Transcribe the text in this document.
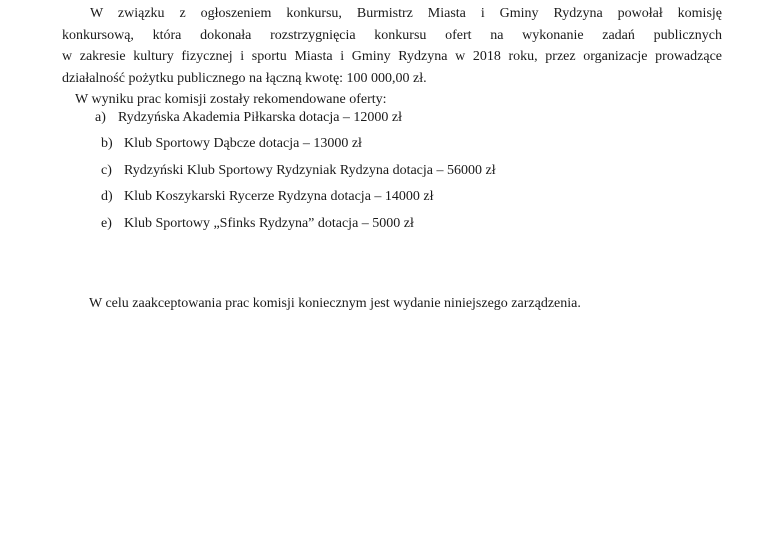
W związku z ogłoszeniem konkursu, Burmistrz Miasta i Gminy Rydzyna powołał komisję
konkursową, która dokonała rozstrzygnięcia konkursu ofert na wykonanie zadań publicznych
w zakresie kultury fizycznej i sportu Miasta i Gminy Rydzyna w 2018 roku, przez organizacje prowadzące
działalność pożytku publicznego na łączną kwotę: 100 000,00 zł.

W wyniku prac komisji zostały rekomendowane oferty:

a) Rydzyńska Akademia Piłkarska dotacja – 12000 zł
b) Klub Sportowy Dąbcze dotacja – 13000 zł
c) Rydzyński Klub Sportowy Rydzyniak Rydzyna dotacja – 56000 zł
d) Klub Koszykarski Rycerze Rydzyna dotacja – 14000 zł
e) Klub Sportowy „Sfinks Rydzyna” dotacja – 5000 zł

W celu zaakceptowania prac komisji koniecznym jest wydanie niniejszego zarządzenia.
